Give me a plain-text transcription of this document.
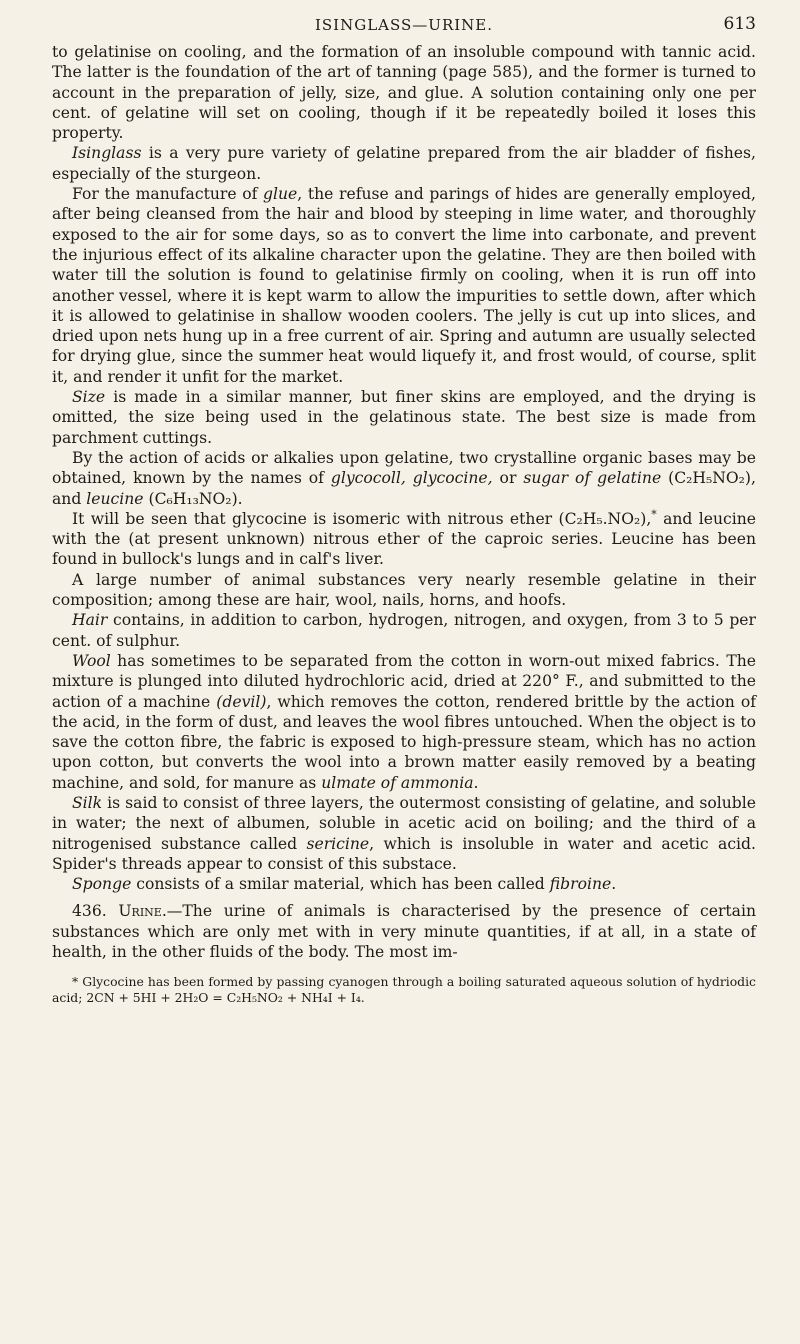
ISINGLASS—URINE.	613

to gelatinise on cooling, and the formation of an insoluble compound with tannic acid. The latter is the foundation of the art of tanning (page 585), and the former is turned to account in the preparation of jelly, size, and glue. A solution containing only one per cent. of gelatine will set on cooling, though if it be repeatedly boiled it loses this property.

Isinglass is a very pure variety of gelatine prepared from the air bladder of fishes, especially of the sturgeon.

For the manufacture of glue, the refuse and parings of hides are generally employed, after being cleansed from the hair and blood by steeping in lime water, and thoroughly exposed to the air for some days, so as to convert the lime into carbonate, and prevent the injurious effect of its alkaline character upon the gelatine. They are then boiled with water till the solution is found to gelatinise firmly on cooling, when it is run off into another vessel, where it is kept warm to allow the impurities to settle down, after which it is allowed to gelatinise in shallow wooden coolers. The jelly is cut up into slices, and dried upon nets hung up in a free current of air. Spring and autumn are usually selected for drying glue, since the summer heat would liquefy it, and frost would, of course, split it, and render it unfit for the market.

Size is made in a similar manner, but finer skins are employed, and the drying is omitted, the size being used in the gelatinous state. The best size is made from parchment cuttings.

By the action of acids or alkalies upon gelatine, two crystalline organic bases may be obtained, known by the names of glycocoll, glycocine, or sugar of gelatine (C₂H₅NO₂), and leucine (C₆H₁₃NO₂).

It will be seen that glycocine is isomeric with nitrous ether (C₂H₅.NO₂),* and leucine with the (at present unknown) nitrous ether of the caproic series. Leucine has been found in bullock's lungs and in calf's liver.

A large number of animal substances very nearly resemble gelatine in their composition; among these are hair, wool, nails, horns, and hoofs.

Hair contains, in addition to carbon, hydrogen, nitrogen, and oxygen, from 3 to 5 per cent. of sulphur.

Wool has sometimes to be separated from the cotton in worn-out mixed fabrics. The mixture is plunged into diluted hydrochloric acid, dried at 220° F., and submitted to the action of a machine (devil), which removes the cotton, rendered brittle by the action of the acid, in the form of dust, and leaves the wool fibres untouched. When the object is to save the cotton fibre, the fabric is exposed to high-pressure steam, which has no action upon cotton, but converts the wool into a brown matter easily removed by a beating machine, and sold, for manure as ulmate of ammonia.

Silk is said to consist of three layers, the outermost consisting of gelatine, and soluble in water; the next of albumen, soluble in acetic acid on boiling; and the third of a nitrogenised substance called sericine, which is insoluble in water and acetic acid. Spider's threads appear to consist of this substace.

Sponge consists of a smilar material, which has been called fibroine.

436. Urine.—The urine of animals is characterised by the presence of certain substances which are only met with in very minute quantities, if at all, in a state of health, in the other fluids of the body. The most im-

* Glycocine has been formed by passing cyanogen through a boiling saturated aqueous solution of hydriodic acid; 2CN + 5HI + 2H₂O = C₂H₅NO₂ + NH₄I + I₄.
